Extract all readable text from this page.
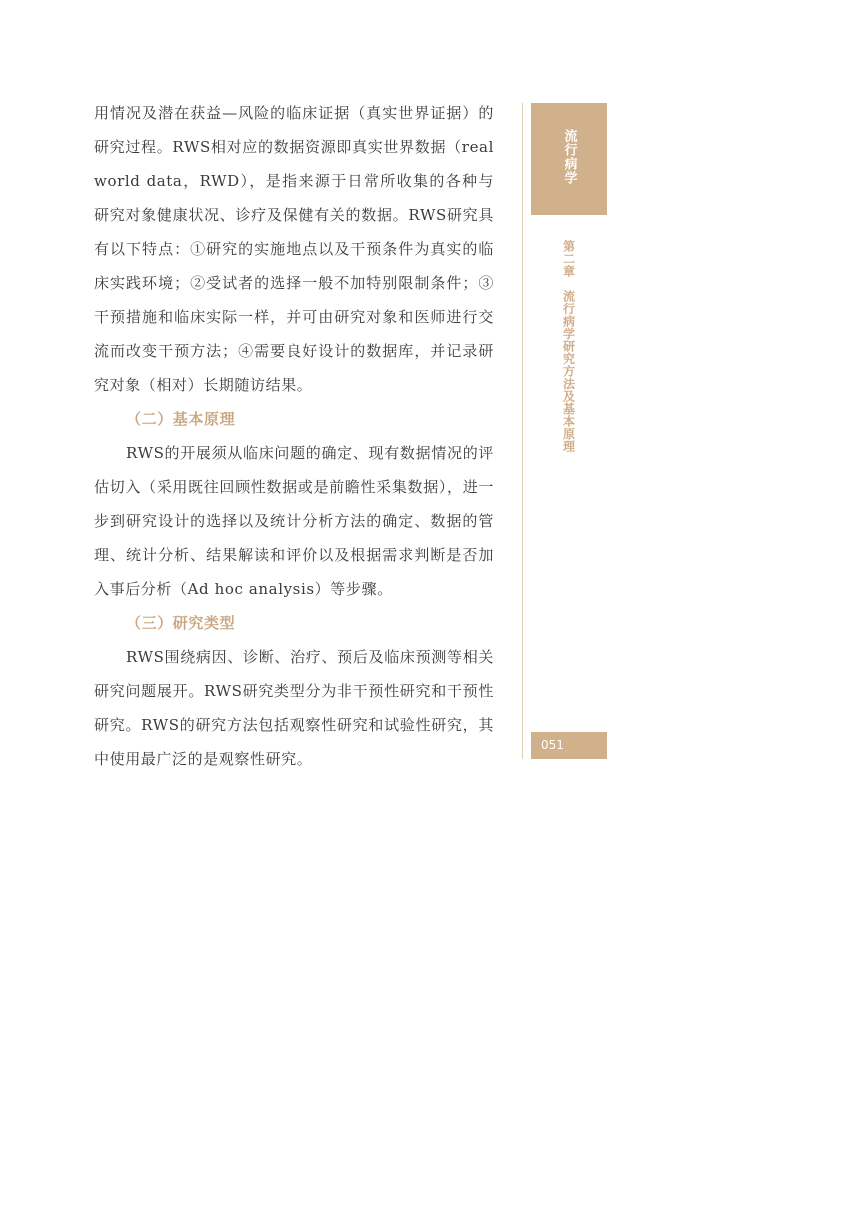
用情况及潜在获益—风险的临床证据（真实世界证据）的研究过程。RWS相对应的数据资源即真实世界数据（real world data，RWD），是指来源于日常所收集的各种与研究对象健康状况、诊疗及保健有关的数据。RWS研究具有以下特点：①研究的实施地点以及干预条件为真实的临床实践环境；②受试者的选择一般不加特别限制条件；③干预措施和临床实际一样，并可由研究对象和医师进行交流而改变干预方法；④需要良好设计的数据库，并记录研究对象（相对）长期随访结果。

（二）基本原理

RWS的开展须从临床问题的确定、现有数据情况的评估切入（采用既往回顾性数据或是前瞻性采集数据），进一步到研究设计的选择以及统计分析方法的确定、数据的管理、统计分析、结果解读和评价以及根据需求判断是否加入事后分析（Ad hoc analysis）等步骤。

（三）研究类型

RWS围绕病因、诊断、治疗、预后及临床预测等相关研究问题展开。RWS研究类型分为非干预性研究和干预性研究。RWS的研究方法包括观察性研究和试验性研究，其中使用最广泛的是观察性研究。

流行病学
第二章　流行病学研究方法及基本原理
051
